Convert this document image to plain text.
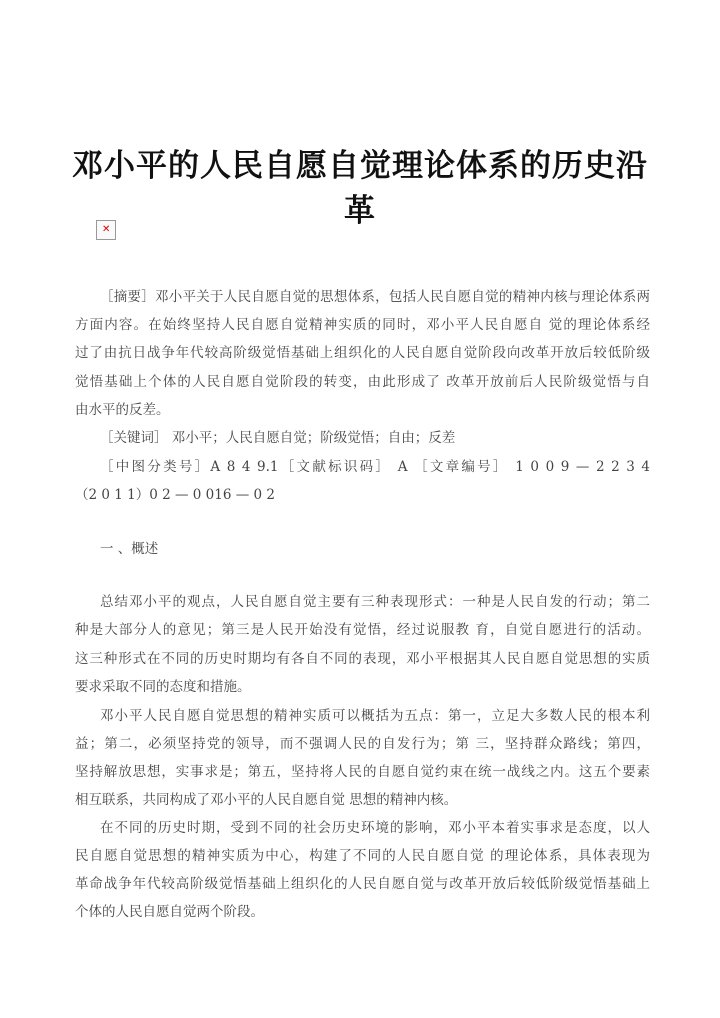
邓小平的人民自愿自觉理论体系的历史沿革
✕
［摘要］邓小平关于人民自愿自觉的思想体系，包括人民自愿自觉的精神内核与理论体系两
方面内容。在始终坚持人民自愿自觉精神实质的同时，邓小平人民自愿自 觉的理论体系经
过了由抗日战争年代较高阶级觉悟基础上组织化的人民自愿自觉阶段向改革开放后较低阶级
觉悟基础上个体的人民自愿自觉阶段的转变，由此形成了 改革开放前后人民阶级觉悟与自
由水平的反差。
［关键词］ 邓小平；人民自愿自觉；阶级觉悟；自由；反差
［中图分类号］A 8 4 9.1［文献标识码］ A ［文章编号］ 1 0 0 9 — 2 2 3 4
（2 0 1 1）0 2 — 0 016 — 0 2
一 、概述
总结邓小平的观点，人民自愿自觉主要有三种表现形式：一种是人民自发的行动；第二
种是大部分人的意见；第三是人民开始没有觉悟，经过说服教 育，自觉自愿进行的活动。
这三种形式在不同的历史时期均有各自不同的表现，邓小平根据其人民自愿自觉思想的实质
要求采取不同的态度和措施。
邓小平人民自愿自觉思想的精神实质可以概括为五点：第一，立足大多数人民的根本利
益；第二，必须坚持党的领导，而不强调人民的自发行为；第 三，坚持群众路线；第四，
坚持解放思想，实事求是；第五，坚持将人民的自愿自觉约束在统一战线之内。这五个要素
相互联系，共同构成了邓小平的人民自愿自觉 思想的精神内核。
在不同的历史时期，受到不同的社会历史环境的影响，邓小平本着实事求是态度，以人
民自愿自觉思想的精神实质为中心，构建了不同的人民自愿自觉 的理论体系，具体表现为
革命战争年代较高阶级觉悟基础上组织化的人民自愿自觉与改革开放后较低阶级觉悟基础上
个体的人民自愿自觉两个阶段。
